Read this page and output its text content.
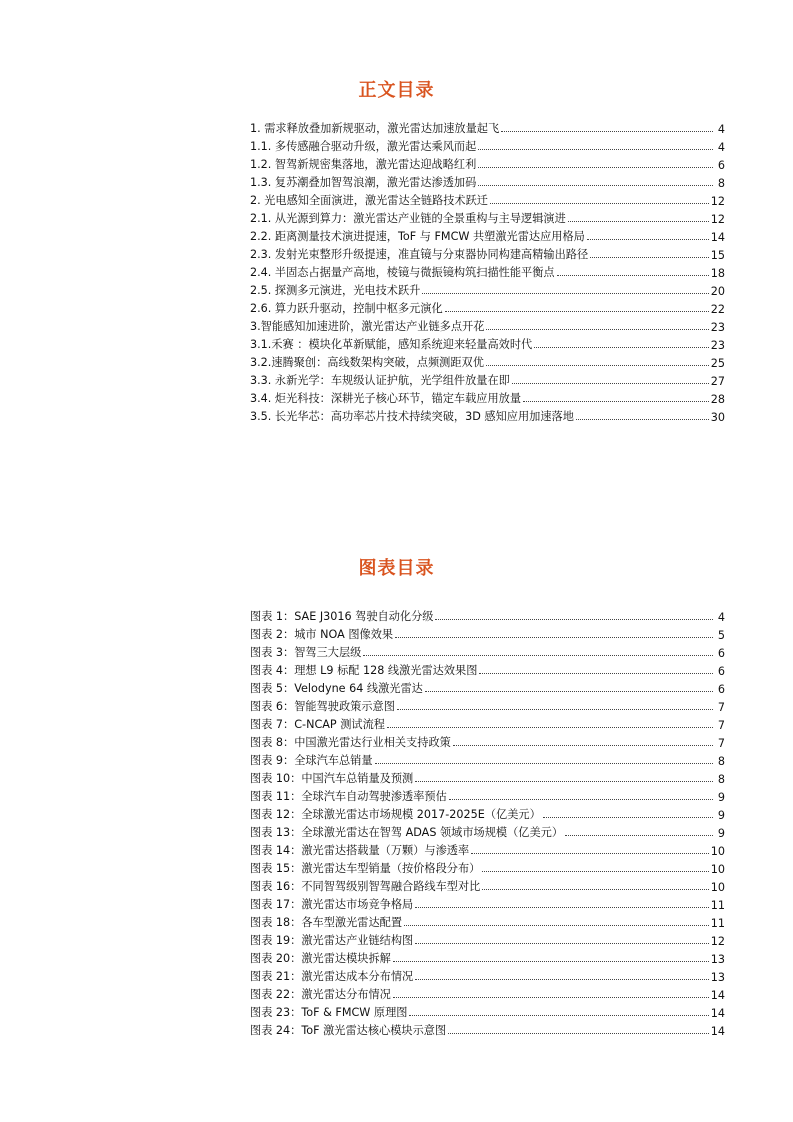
正文目录
1. 需求释放叠加新规驱动，激光雷达加速放量起飞	4
1.1. 多传感融合驱动升级，激光雷达乘风而起	4
1.2. 智驾新规密集落地，激光雷达迎战略红利	6
1.3. 复苏潮叠加智驾浪潮，激光雷达渗透加码	8
2. 光电感知全面演进，激光雷达全链路技术跃迁	12
2.1. 从光源到算力：激光雷达产业链的全景重构与主导逻辑演进	12
2.2. 距离测量技术演进提速，ToF 与 FMCW 共塑激光雷达应用格局	14
2.3. 发射光束整形升级提速，准直镜与分束器协同构建高精输出路径	15
2.4. 半固态占据量产高地，棱镜与微振镜构筑扫描性能平衡点	18
2.5. 探测多元演进，光电技术跃升	20
2.6. 算力跃升驱动，控制中枢多元演化	22
3.智能感知加速进阶，激光雷达产业链多点开花	23
3.1.禾赛 ：模块化革新赋能，感知系统迎来轻量高效时代	23
3.2.速腾聚创：高线数架构突破，点频测距双优	25
3.3. 永新光学：车规级认证护航，光学组件放量在即	27
3.4. 炬光科技：深耕光子核心环节，锚定车载应用放量	28
3.5. 长光华芯：高功率芯片技术持续突破，3D 感知应用加速落地	30
图表目录
图表 1：SAE J3016 驾驶自动化分级	4
图表 2：城市 NOA 图像效果	5
图表 3：智驾三大层级	6
图表 4：理想 L9 标配 128 线激光雷达效果图	6
图表 5：Velodyne 64 线激光雷达	6
图表 6：智能驾驶政策示意图	7
图表 7：C-NCAP 测试流程	7
图表 8：中国激光雷达行业相关支持政策	7
图表 9：全球汽车总销量	8
图表 10：中国汽车总销量及预测	8
图表 11：全球汽车自动驾驶渗透率预估	9
图表 12：全球激光雷达市场规模 2017-2025E（亿美元）	9
图表 13：全球激光雷达在智驾 ADAS 领域市场规模（亿美元）	9
图表 14：激光雷达搭载量（万颗）与渗透率	10
图表 15：激光雷达车型销量（按价格段分布）	10
图表 16：不同智驾级别智驾融合路线车型对比	10
图表 17：激光雷达市场竞争格局	11
图表 18：各车型激光雷达配置	11
图表 19：激光雷达产业链结构图	12
图表 20：激光雷达模块拆解	13
图表 21：激光雷达成本分布情况	13
图表 22：激光雷达分布情况	14
图表 23：ToF & FMCW 原理图	14
图表 24：ToF 激光雷达核心模块示意图	14
